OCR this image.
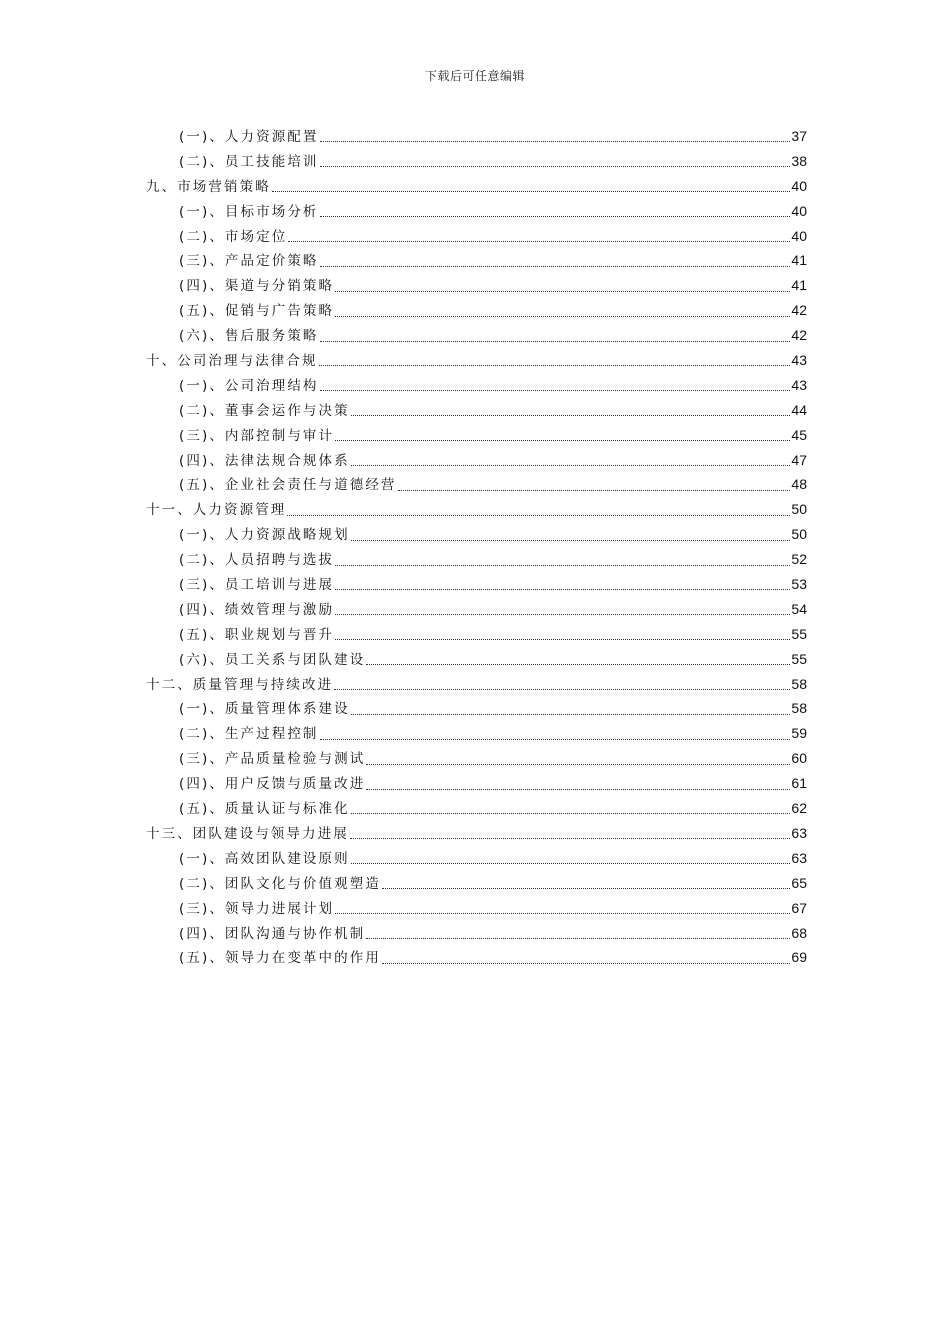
下载后可任意编辑
(一)、人力资源配置	37
(二)、员工技能培训	38
九、市场营销策略	40
(一)、目标市场分析	40
(二)、市场定位	40
(三)、产品定价策略	41
(四)、渠道与分销策略	41
(五)、促销与广告策略	42
(六)、售后服务策略	42
十、公司治理与法律合规	43
(一)、公司治理结构	43
(二)、董事会运作与决策	44
(三)、内部控制与审计	45
(四)、法律法规合规体系	47
(五)、企业社会责任与道德经营	48
十一、人力资源管理	50
(一)、人力资源战略规划	50
(二)、人员招聘与选拔	52
(三)、员工培训与进展	53
(四)、绩效管理与激励	54
(五)、职业规划与晋升	55
(六)、员工关系与团队建设	55
十二、质量管理与持续改进	58
(一)、质量管理体系建设	58
(二)、生产过程控制	59
(三)、产品质量检验与测试	60
(四)、用户反馈与质量改进	61
(五)、质量认证与标准化	62
十三、团队建设与领导力进展	63
(一)、高效团队建设原则	63
(二)、团队文化与价值观塑造	65
(三)、领导力进展计划	67
(四)、团队沟通与协作机制	68
(五)、领导力在变革中的作用	69
